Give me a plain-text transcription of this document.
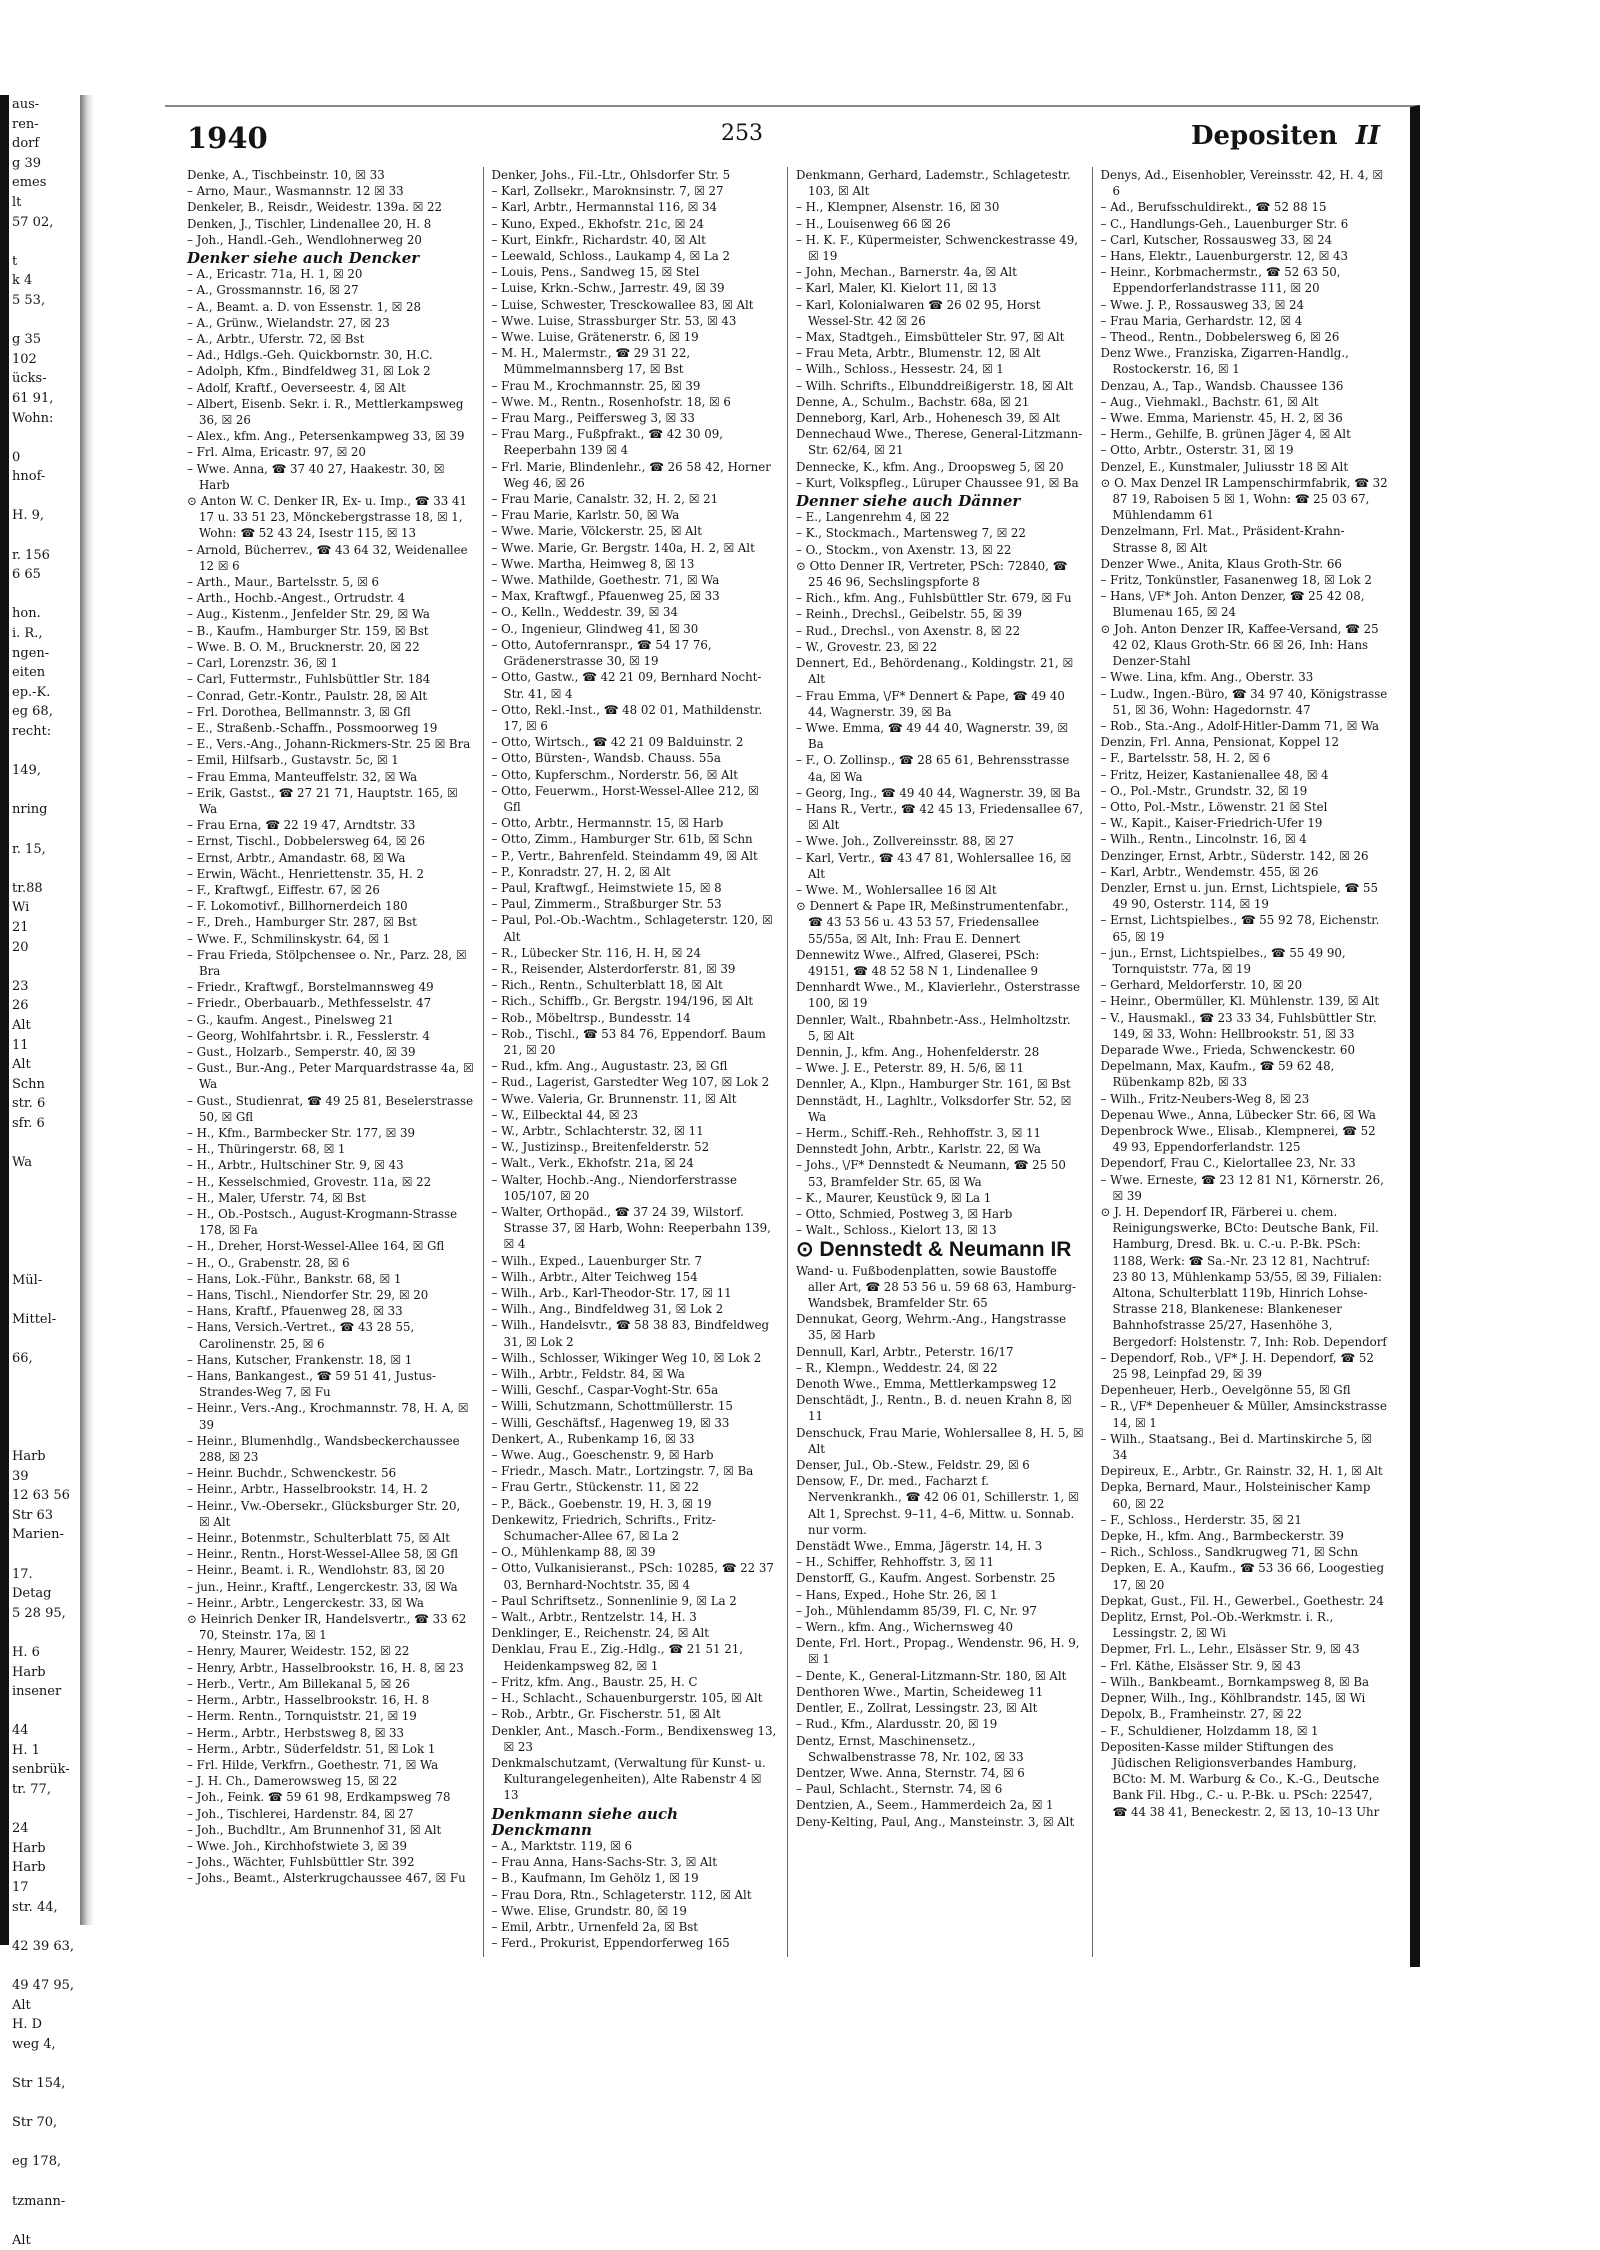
aus-
ren-
dorf
g 39
emes
lt
57 02,

t
k 4
5 53,

g 35
102
ücks-
61 91,
Wohn:

0
hnof-

H. 9,

r. 156
6 65

hon.
i. R.,
ngen-
eiten
ep.-K.
eg 68,
recht:

149,

nring

r. 15,

tr.88
Wi
21
20

23
26
Alt
11
Alt
Schn
str. 6
sfr. 6

Wa

Mül-

Mittel-

66,

Harb
39
12 63 56
Str 63
Marien-

17.
Detag
5 28 95,

H. 6
Harb
insener

44
H. 1
senbrük-
tr. 77,

24
Harb
Harb
17
str. 44,

42 39 63,

49 47 95,
Alt
H. D
weg 4,

Str 154,

Str 70,

eg 178,

tzmann-

Alt
1940	253	Depositen II
Denke, A., Tischbeinstr. 10, ☒ 33
– Arno, Maur., Wasmannstr. 12 ☒ 33
Denkeler, B., Reisdr., Weidestr. 139a. ☒ 22
Denken, J., Tischler, Lindenallee 20, H. 8
– Joh., Handl.-Geh., Wendlohnerweg 20
Denker siehe auch Dencker
– A., Ericastr. 71a, H. 1, ☒ 20
– A., Grossmannstr. 16, ☒ 27
– A., Beamt. a. D. von Essenstr. 1, ☒ 28
– A., Grünw., Wielandstr. 27, ☒ 23
– A., Arbtr., Uferstr. 72, ☒ Bst
– Ad., Hdlgs.-Geh. Quickbornstr. 30, H.C.
– Adolph, Kfm., Bindfeldweg 31, ☒ Lok 2
– Adolf, Kraftf., Oeverseestr. 4, ☒ Alt
– Albert, Eisenb. Sekr. i. R., Mettlerkampsweg 36, ☒ 26
– Alex., kfm. Ang., Petersenkampweg 33, ☒ 39
– Frl. Alma, Ericastr. 97, ☒ 20
– Wwe. Anna, ☎ 37 40 27, Haakestr. 30, ☒ Harb
⊙ Anton W. C. Denker IR, Ex- u. Imp., ☎ 33 41 17 u. 33 51 23, Mönckebergstrasse 18, ☒ 1, Wohn: ☎ 52 43 24, Isestr 115, ☒ 13
– Arnold, Bücherrev., ☎ 43 64 32, Weidenallee 12 ☒ 6
– Arth., Maur., Bartelsstr. 5, ☒ 6
– Arth., Hochb.-Angest., Ortrudstr. 4
– Aug., Kistenm., Jenfelder Str. 29, ☒ Wa
– B., Kaufm., Hamburger Str. 159, ☒ Bst
– Wwe. B. O. M., Brucknerstr. 20, ☒ 22
– Carl, Lorenzstr. 36, ☒ 1
– Carl, Futtermstr., Fuhlsbüttler Str. 184
– Conrad, Getr.-Kontr., Paulstr. 28, ☒ Alt
– Frl. Dorothea, Bellmannstr. 3, ☒ Gfl
– E., Straßenb.-Schaffn., Possmoorweg 19
– E., Vers.-Ang., Johann-Rickmers-Str. 25 ☒ Bra
– Emil, Hilfsarb., Gustavstr. 5c, ☒ 1
– Frau Emma, Manteuffelstr. 32, ☒ Wa
– Erik, Gastst., ☎ 27 21 71, Hauptstr. 165, ☒ Wa
– Frau Erna, ☎ 22 19 47, Arndtstr. 33
– Ernst, Tischl., Dobbelersweg 64, ☒ 26
– Ernst, Arbtr., Amandastr. 68, ☒ Wa
– Erwin, Wächt., Henriettenstr. 35, H. 2
– F., Kraftwgf., Eiffestr. 67, ☒ 26
– F. Lokomotivf., Billhornerdeich 180
– F., Dreh., Hamburger Str. 287, ☒ Bst
– Wwe. F., Schmilinskystr. 64, ☒ 1
– Frau Frieda, Stölpchensee o. Nr., Parz. 28, ☒ Bra
– Friedr., Kraftwgf., Borstelmannsweg 49
– Friedr., Oberbauarb., Methfesselstr. 47
– G., kaufm. Angest., Pinelsweg 21
– Georg, Wohlfahrtsbr. i. R., Fesslerstr. 4
– Gust., Holzarb., Semperstr. 40, ☒ 39
– Gust., Bur.-Ang., Peter Marquardstrasse 4a, ☒ Wa
– Gust., Studienrat, ☎ 49 25 81, Beselerstrasse 50, ☒ Gfl
– H., Kfm., Barmbecker Str. 177, ☒ 39
– H., Thüringerstr. 68, ☒ 1
– H., Arbtr., Hultschiner Str. 9, ☒ 43
– H., Kesselschmied, Grovestr. 11a, ☒ 22
– H., Maler, Uferstr. 74, ☒ Bst
– H., Ob.-Postsch., August-Krogmann-Strasse 178, ☒ Fa
– H., Dreher, Horst-Wessel-Allee 164, ☒ Gfl
– H., O., Grabenstr. 28, ☒ 6
– Hans, Lok.-Führ., Bankstr. 68, ☒ 1
– Hans, Tischl., Niendorfer Str. 29, ☒ 20
– Hans, Kraftf., Pfauenweg 28, ☒ 33
– Hans, Versich.-Vertret., ☎ 43 28 55, Carolinenstr. 25, ☒ 6
– Hans, Kutscher, Frankenstr. 18, ☒ 1
– Hans, Bankangest., ☎ 59 51 41, Justus-Strandes-Weg 7, ☒ Fu
– Heinr., Vers.-Ang., Krochmannstr. 78, H. A, ☒ 39
– Heinr., Blumenhdlg., Wandsbeckerchaussee 288, ☒ 23
– Heinr. Buchdr., Schwenckestr. 56
– Heinr., Arbtr., Hasselbrookstr. 14, H. 2
– Heinr., Vw.-Obersekr., Glücksburger Str. 20, ☒ Alt
– Heinr., Botenmstr., Schulterblatt 75, ☒ Alt
– Heinr., Rentn., Horst-Wessel-Allee 58, ☒ Gfl
– Heinr., Beamt. i. R., Wendlohstr. 83, ☒ 20
– jun., Heinr., Kraftf., Lengerckestr. 33, ☒ Wa
– Heinr., Arbtr., Lengerckestr. 33, ☒ Wa
⊙ Heinrich Denker IR, Handelsvertr., ☎ 33 62 70, Steinstr. 17a, ☒ 1
– Henry, Maurer, Weidestr. 152, ☒ 22
– Henry, Arbtr., Hasselbrookstr. 16, H. 8, ☒ 23
– Herb., Vertr., Am Billekanal 5, ☒ 26
– Herm., Arbtr., Hasselbrookstr. 16, H. 8
– Herm. Rentn., Tornquiststr. 21, ☒ 19
– Herm., Arbtr., Herbstsweg 8, ☒ 33
– Herm., Arbtr., Süderfeldstr. 51, ☒ Lok 1
– Frl. Hilde, Verkfrn., Goethestr. 71, ☒ Wa
– J. H. Ch., Damerowsweg 15, ☒ 22
– Joh., Feink. ☎ 59 61 98, Erdkampsweg 78
– Joh., Tischlerei, Hardenstr. 84, ☒ 27
– Joh., Buchdltr., Am Brunnenhof 31, ☒ Alt
– Wwe. Joh., Kirchhofstwiete 3, ☒ 39
– Johs., Wächter, Fuhlsbüttler Str. 392
– Johs., Beamt., Alsterkrugchaussee 467, ☒ Fu
Denker, Johs., Fil.-Ltr., Ohlsdorfer Str. 5
– Karl, Zollsekr., Maroknsinstr. 7, ☒ 27
– Karl, Arbtr., Hermannstal 116, ☒ 34
– Kuno, Exped., Ekhofstr. 21c, ☒ 24
– Kurt, Einkfr., Richardstr. 40, ☒ Alt
– Leewald, Schloss., Laukamp 4, ☒ La 2
– Louis, Pens., Sandweg 15, ☒ Stel
– Luise, Krkn.-Schw., Jarrestr. 49, ☒ 39
– Luise, Schwester, Tresckowallee 83, ☒ Alt
– Wwe. Luise, Strassburger Str. 53, ☒ 43
– Wwe. Luise, Grätenerstr. 6, ☒ 19
– M. H., Malermstr., ☎ 29 31 22, Mümmelmannsberg 17, ☒ Bst
– Frau M., Krochmannstr. 25, ☒ 39
– Wwe. M., Rentn., Rosenhofstr. 18, ☒ 6
– Frau Marg., Peiffersweg 3, ☒ 33
– Frau Marg., Fußpfrakt., ☎ 42 30 09, Reeperbahn 139 ☒ 4
– Frl. Marie, Blindenlehr., ☎ 26 58 42, Horner Weg 46, ☒ 26
– Frau Marie, Canalstr. 32, H. 2, ☒ 21
– Frau Marie, Karlstr. 50, ☒ Wa
– Wwe. Marie, Völckerstr. 25, ☒ Alt
– Wwe. Marie, Gr. Bergstr. 140a, H. 2, ☒ Alt
– Wwe. Martha, Heimweg 8, ☒ 13
– Wwe. Mathilde, Goethestr. 71, ☒ Wa
– Max, Kraftwgf., Pfauenweg 25, ☒ 33
– O., Kelln., Weddestr. 39, ☒ 34
– O., Ingenieur, Glindweg 41, ☒ 30
– Otto, Autofernranspr., ☎ 54 17 76, Grädenerstrasse 30, ☒ 19
– Otto, Gastw., ☎ 42 21 09, Bernhard Nocht-Str. 41, ☒ 4
– Otto, Rekl.-Inst., ☎ 48 02 01, Mathildenstr. 17, ☒ 6
– Otto, Wirtsch., ☎ 42 21 09 Balduinstr. 2
– Otto, Bürsten-, Wandsb. Chauss. 55a
– Otto, Kupferschm., Norderstr. 56, ☒ Alt
– Otto, Feuerwm., Horst-Wessel-Allee 212, ☒ Gfl
– Otto, Arbtr., Hermannstr. 15, ☒ Harb
– Otto, Zimm., Hamburger Str. 61b, ☒ Schn
– P., Vertr., Bahrenfeld. Steindamm 49, ☒ Alt
– P., Konradstr. 27, H. 2, ☒ Alt
– Paul, Kraftwgf., Heimstwiete 15, ☒ 8
– Paul, Zimmerm., Straßburger Str. 53
– Paul, Pol.-Ob.-Wachtm., Schlageterstr. 120, ☒ Alt
– R., Lübecker Str. 116, H. H, ☒ 24
– R., Reisender, Alsterdorferstr. 81, ☒ 39
– Rich., Rentn., Schulterblatt 18, ☒ Alt
– Rich., Schiffb., Gr. Bergstr. 194/196, ☒ Alt
– Rob., Möbeltrsp., Bundesstr. 14
– Rob., Tischl., ☎ 53 84 76, Eppendorf. Baum 21, ☒ 20
– Rud., kfm. Ang., Augustastr. 23, ☒ Gfl
– Rud., Lagerist, Garstedter Weg 107, ☒ Lok 2
– Wwe. Valeria, Gr. Brunnenstr. 11, ☒ Alt
– W., Eilbecktal 44, ☒ 23
– W., Arbtr., Schlachterstr. 32, ☒ 11
– W., Justizinsp., Breitenfelderstr. 52
– Walt., Verk., Ekhofstr. 21a, ☒ 24
– Walter, Hochb.-Ang., Niendorferstrasse 105/107, ☒ 20
– Walter, Orthopäd., ☎ 37 24 39, Wilstorf. Strasse 37, ☒ Harb, Wohn: Reeperbahn 139, ☒ 4
– Wilh., Exped., Lauenburger Str. 7
– Wilh., Arbtr., Alter Teichweg 154
– Wilh., Arb., Karl-Theodor-Str. 17, ☒ 11
– Wilh., Ang., Bindfeldweg 31, ☒ Lok 2
– Wilh., Handelsvtr., ☎ 58 38 83, Bindfeldweg 31, ☒ Lok 2
– Wilh., Schlosser, Wikinger Weg 10, ☒ Lok 2
– Wilh., Arbtr., Feldstr. 84, ☒ Wa
– Willi, Geschf., Caspar-Voght-Str. 65a
– Willi, Schutzmann, Schottmüllerstr. 15
– Willi, Geschäftsf., Hagenweg 19, ☒ 33
Denkert, A., Rubenkamp 16, ☒ 33
– Wwe. Aug., Goeschenstr. 9, ☒ Harb
– Friedr., Masch. Matr., Lortzingstr. 7, ☒ Ba
– Frau Gertr., Stückenstr. 11, ☒ 22
– P., Bäck., Goebenstr. 19, H. 3, ☒ 19
Denkewitz, Friedrich, Schrifts., Fritz-Schumacher-Allee 67, ☒ La 2
– O., Mühlenkamp 88, ☒ 39
– Otto, Vulkanisieranst., PSch: 10285, ☎ 22 37 03, Bernhard-Nochtstr. 35, ☒ 4
– Paul Schriftsetz., Sonnenlinie 9, ☒ La 2
– Walt., Arbtr., Rentzelstr. 14, H. 3
Denklinger, E., Reichenstr. 24, ☒ Alt
Denklau, Frau E., Zig.-Hdlg., ☎ 21 51 21, Heidenkampsweg 82, ☒ 1
– Fritz, kfm. Ang., Baustr. 25, H. C
– H., Schlacht., Schauenburgerstr. 105, ☒ Alt
– Rob., Arbtr., Gr. Fischerstr. 51, ☒ Alt
Denkler, Ant., Masch.-Form., Bendixensweg 13, ☒ 23
Denkmalschutzamt, (Verwaltung für Kunst- u. Kulturangelegenheiten), Alte Rabenstr 4 ☒ 13
Denkmann siehe auch Denckmann
– A., Marktstr. 119, ☒ 6
– Frau Anna, Hans-Sachs-Str. 3, ☒ Alt
– B., Kaufmann, Im Gehölz 1, ☒ 19
– Frau Dora, Rtn., Schlageterstr. 112, ☒ Alt
– Wwe. Elise, Grundstr. 80, ☒ 19
– Emil, Arbtr., Urnenfeld 2a, ☒ Bst
– Ferd., Prokurist, Eppendorferweg 165
Denkmann, Gerhard, Lademstr., Schlagetestr. 103, ☒ Alt
– H., Klempner, Alsenstr. 16, ☒ 30
– H., Louisenweg 66 ☒ 26
– H. K. F., Küpermeister, Schwenckestrasse 49, ☒ 19
– John, Mechan., Barnerstr. 4a, ☒ Alt
– Karl, Maler, Kl. Kielort 11, ☒ 13
– Karl, Kolonialwaren ☎ 26 02 95, Horst Wessel-Str. 42 ☒ 26
– Max, Stadtgeh., Eimsbütteler Str. 97, ☒ Alt
– Frau Meta, Arbtr., Blumenstr. 12, ☒ Alt
– Wilh., Schloss., Hessestr. 24, ☒ 1
– Wilh. Schrifts., Elbunddreißigerstr. 18, ☒ Alt
Denne, A., Schulm., Bachstr. 68a, ☒ 21
Denneborg, Karl, Arb., Hohenesch 39, ☒ Alt
Dennechaud Wwe., Therese, General-Litzmann-Str. 62/64, ☒ 21
Dennecke, K., kfm. Ang., Droopsweg 5, ☒ 20
– Kurt, Volkspfleg., Lüruper Chaussee 91, ☒ Ba
Denner siehe auch Dänner
– E., Langenrehm 4, ☒ 22
– K., Stockmach., Martensweg 7, ☒ 22
– O., Stockm., von Axenstr. 13, ☒ 22
⊙ Otto Denner IR, Vertreter, PSch: 72840, ☎ 25 46 96, Sechslingspforte 8
– Rich., kfm. Ang., Fuhlsbüttler Str. 679, ☒ Fu
– Reinh., Drechsl., Geibelstr. 55, ☒ 39
– Rud., Drechsl., von Axenstr. 8, ☒ 22
– W., Grovestr. 23, ☒ 22
Dennert, Ed., Behördenang., Koldingstr. 21, ☒ Alt
– Frau Emma, \/F* Dennert & Pape, ☎ 49 40 44, Wagnerstr. 39, ☒ Ba
– Wwe. Emma, ☎ 49 44 40, Wagnerstr. 39, ☒ Ba
– F., O. Zollinsp., ☎ 28 65 61, Behrensstrasse 4a, ☒ Wa
– Georg, Ing., ☎ 49 40 44, Wagnerstr. 39, ☒ Ba
– Hans R., Vertr., ☎ 42 45 13, Friedensallee 67, ☒ Alt
– Wwe. Joh., Zollvereinsstr. 88, ☒ 27
– Karl, Vertr., ☎ 43 47 81, Wohlersallee 16, ☒ Alt
– Wwe. M., Wohlersallee 16 ☒ Alt
⊙ Dennert & Pape IR, Meßinstrumentenfabr., ☎ 43 53 56 u. 43 53 57, Friedensallee 55/55a, ☒ Alt, Inh: Frau E. Dennert
Dennewitz Wwe., Alfred, Glaserei, PSch: 49151, ☎ 48 52 58 N 1, Lindenallee 9
Dennhardt Wwe., M., Klavierlehr., Osterstrasse 100, ☒ 19
Dennler, Walt., Rbahnbetr.-Ass., Helmholtzstr. 5, ☒ Alt
Dennin, J., kfm. Ang., Hohenfelderstr. 28
– Wwe. J. E., Peterstr. 89, H. 5/6, ☒ 11
Dennler, A., Klpn., Hamburger Str. 161, ☒ Bst
Dennstädt, H., Laghltr., Volksdorfer Str. 52, ☒ Wa
– Herm., Schiff.-Reh., Rehhoffstr. 3, ☒ 11
Dennstedt John, Arbtr., Karlstr. 22, ☒ Wa
– Johs., \/F* Dennstedt & Neumann, ☎ 25 50 53, Bramfelder Str. 65, ☒ Wa
– K., Maurer, Keustück 9, ☒ La 1
– Otto, Schmied, Postweg 3, ☒ Harb
– Walt., Schloss., Kielort 13, ☒ 13
⊙ Dennstedt & Neumann IR
Wand- u. Fußbodenplatten, sowie Baustoffe aller Art, ☎ 28 53 56 u. 59 68 63, Hamburg-Wandsbek, Bramfelder Str. 65
Dennukat, Georg, Wehrm.-Ang., Hangstrasse 35, ☒ Harb
Dennull, Karl, Arbtr., Peterstr. 16/17
– R., Klempn., Weddestr. 24, ☒ 22
Denoth Wwe., Emma, Mettlerkampsweg 12
Denschtädt, J., Rentn., B. d. neuen Krahn 8, ☒ 11
Denschuck, Frau Marie, Wohlersallee 8, H. 5, ☒ Alt
Denser, Jul., Ob.-Stew., Feldstr. 29, ☒ 6
Densow, F., Dr. med., Facharzt f. Nervenkrankh., ☎ 42 06 01, Schillerstr. 1, ☒ Alt 1, Sprechst. 9–11, 4–6, Mittw. u. Sonnab. nur vorm.
Denstädt Wwe., Emma, Jägerstr. 14, H. 3
– H., Schiffer, Rehhoffstr. 3, ☒ 11
Denstorff, G., Kaufm. Angest. Sorbenstr. 25
– Hans, Exped., Hohe Str. 26, ☒ 1
– Joh., Mühlendamm 85/39, Fl. C, Nr. 97
– Wern., kfm. Ang., Wichernsweg 40
Dente, Frl. Hort., Propag., Wendenstr. 96, H. 9, ☒ 1
– Dente, K., General-Litzmann-Str. 180, ☒ Alt
Denthoren Wwe., Martin, Scheideweg 11
Dentler, E., Zollrat, Lessingstr. 23, ☒ Alt
– Rud., Kfm., Alardusstr. 20, ☒ 19
Dentz, Ernst, Maschinensetz., Schwalbenstrasse 78, Nr. 102, ☒ 33
Dentzer, Wwe. Anna, Sternstr. 74, ☒ 6
– Paul, Schlacht., Sternstr. 74, ☒ 6
Dentzien, A., Seem., Hammerdeich 2a, ☒ 1
Deny-Kelting, Paul, Ang., Mansteinstr. 3, ☒ Alt
Denys, Ad., Eisenhobler, Vereinsstr. 42, H. 4, ☒ 6
– Ad., Berufsschuldirekt., ☎ 52 88 15
– C., Handlungs-Geh., Lauenburger Str. 6
– Carl, Kutscher, Rossausweg 33, ☒ 24
– Hans, Elektr., Lauenburgerstr. 12, ☒ 43
– Heinr., Korbmachermstr., ☎ 52 63 50, Eppendorferlandstrasse 111, ☒ 20
– Wwe. J. P., Rossausweg 33, ☒ 24
– Frau Maria, Gerhardstr. 12, ☒ 4
– Theod., Rentn., Dobbelersweg 6, ☒ 26
Denz Wwe., Franziska, Zigarren-Handlg., Rostockerstr. 16, ☒ 1
Denzau, A., Tap., Wandsb. Chaussee 136
– Aug., Viehmakl., Bachstr. 61, ☒ Alt
– Wwe. Emma, Marienstr. 45, H. 2, ☒ 36
– Herm., Gehilfe, B. grünen Jäger 4, ☒ Alt
– Otto, Arbtr., Osterstr. 31, ☒ 19
Denzel, E., Kunstmaler, Juliusstr 18 ☒ Alt
⊙ O. Max Denzel IR Lampenschirmfabrik, ☎ 32 87 19, Raboisen 5 ☒ 1, Wohn: ☎ 25 03 67, Mühlendamm 61
Denzelmann, Frl. Mat., Präsident-Krahn-Strasse 8, ☒ Alt
Denzer Wwe., Anita, Klaus Groth-Str. 66
– Fritz, Tonkünstler, Fasanenweg 18, ☒ Lok 2
– Hans, \/F* Joh. Anton Denzer, ☎ 25 42 08, Blumenau 165, ☒ 24
⊙ Joh. Anton Denzer IR, Kaffee-Versand, ☎ 25 42 02, Klaus Groth-Str. 66 ☒ 26, Inh: Hans Denzer-Stahl
– Wwe. Lina, kfm. Ang., Oberstr. 33
– Ludw., Ingen.-Büro, ☎ 34 97 40, Königstrasse 51, ☒ 36, Wohn: Hagedornstr. 47
– Rob., Sta.-Ang., Adolf-Hitler-Damm 71, ☒ Wa
Denzin, Frl. Anna, Pensionat, Koppel 12
– F., Bartelsstr. 58, H. 2, ☒ 6
– Fritz, Heizer, Kastanienallee 48, ☒ 4
– O., Pol.-Mstr., Grundstr. 32, ☒ 19
– Otto, Pol.-Mstr., Löwenstr. 21 ☒ Stel
– W., Kapit., Kaiser-Friedrich-Ufer 19
– Wilh., Rentn., Lincolnstr. 16, ☒ 4
Denzinger, Ernst, Arbtr., Süderstr. 142, ☒ 26
– Karl, Arbtr., Wendemstr. 455, ☒ 26
Denzler, Ernst u. jun. Ernst, Lichtspiele, ☎ 55 49 90, Osterstr. 114, ☒ 19
– Ernst, Lichtspielbes., ☎ 55 92 78, Eichenstr. 65, ☒ 19
– jun., Ernst, Lichtspielbes., ☎ 55 49 90, Tornquiststr. 77a, ☒ 19
– Gerhard, Meldorferstr. 10, ☒ 20
– Heinr., Obermüller, Kl. Mühlenstr. 139, ☒ Alt
– V., Hausmakl., ☎ 23 33 34, Fuhlsbüttler Str. 149, ☒ 33, Wohn: Hellbrookstr. 51, ☒ 33
Deparade Wwe., Frieda, Schwenckestr. 60
Depelmann, Max, Kaufm., ☎ 59 62 48, Rübenkamp 82b, ☒ 33
– Wilh., Fritz-Neubers-Weg 8, ☒ 23
Depenau Wwe., Anna, Lübecker Str. 66, ☒ Wa
Depenbrock Wwe., Elisab., Klempnerei, ☎ 52 49 93, Eppendorferlandstr. 125
Dependorf, Frau C., Kielortallee 23, Nr. 33
– Wwe. Erneste, ☎ 23 12 81 N1, Körnerstr. 26, ☒ 39
⊙ J. H. Dependorf IR, Färberei u. chem. Reinigungswerke, BCto: Deutsche Bank, Fil. Hamburg, Dresd. Bk. u. C.-u. P.-Bk. PSch: 1188, Werk: ☎ Sa.-Nr. 23 12 81, Nachtruf: 23 80 13, Mühlenkamp 53/55, ☒ 39, Filialen: Altona, Schulterblatt 119b, Hinrich Lohse-Strasse 218, Blankenese: Blankeneser Bahnhofstrasse 25/27, Hasenhöhe 3, Bergedorf: Holstenstr. 7, Inh: Rob. Dependorf
– Dependorf, Rob., \/F* J. H. Dependorf, ☎ 52 25 98, Leinpfad 29, ☒ 39
Depenheuer, Herb., Oevelgönne 55, ☒ Gfl
– R., \/F* Depenheuer & Müller, Amsinckstrasse 14, ☒ 1
– Wilh., Staatsang., Bei d. Martinskirche 5, ☒ 34
Depireux, E., Arbtr., Gr. Rainstr. 32, H. 1, ☒ Alt
Depka, Bernard, Maur., Holsteinischer Kamp 60, ☒ 22
– F., Schloss., Herderstr. 35, ☒ 21
Depke, H., kfm. Ang., Barmbeckerstr. 39
– Rich., Schloss., Sandkrugweg 71, ☒ Schn
Depken, E. A., Kaufm., ☎ 53 36 66, Loogestieg 17, ☒ 20
Depkat, Gust., Fil. H., Gewerbel., Goethestr. 24
Deplitz, Ernst, Pol.-Ob.-Werkmstr. i. R., Lessingstr. 2, ☒ Wi
Depmer, Frl. L., Lehr., Elsässer Str. 9, ☒ 43
– Frl. Käthe, Elsässer Str. 9, ☒ 43
– Wilh., Bankbeamt., Bornkampsweg 8, ☒ Ba
Depner, Wilh., Ing., Köhlbrandstr. 145, ☒ Wi
Depolx, B., Framheinstr. 27, ☒ 22
– F., Schuldiener, Holzdamm 18, ☒ 1
Depositen-Kasse milder Stiftungen des Jüdischen Religionsverbandes Hamburg, BCto: M. M. Warburg & Co., K.-G., Deutsche Bank Fil. Hbg., C.- u. P.-Bk. u. PSch: 22547, ☎ 44 38 41, Beneckestr. 2, ☒ 13, 10–13 Uhr
